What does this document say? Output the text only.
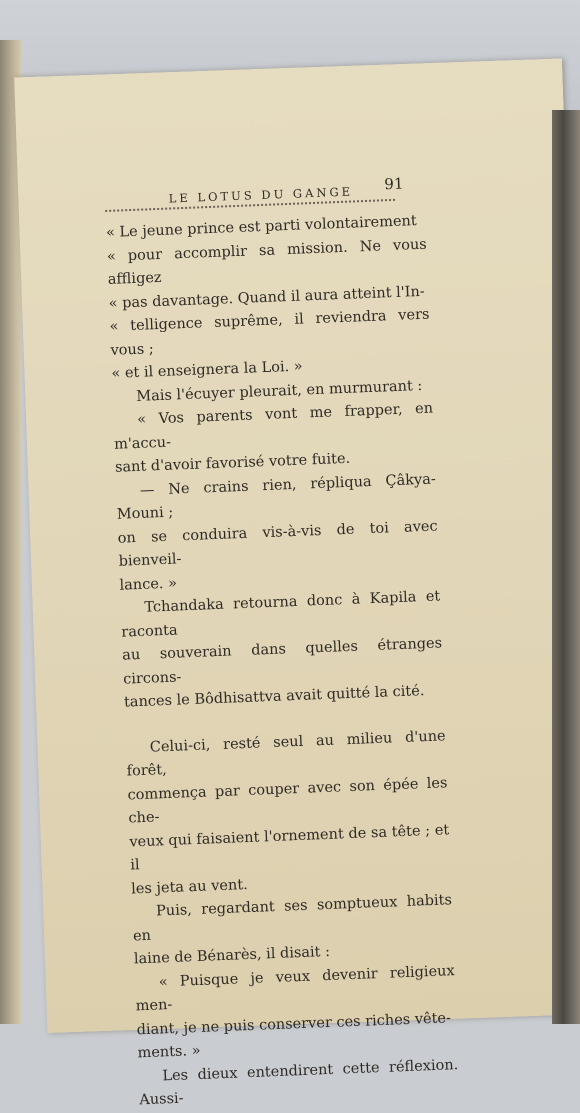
LE LOTUS DU GANGE
91
« Le jeune prince est parti volontairement
« pour accomplir sa mission. Ne vous affligez
« pas davantage. Quand il aura atteint l'In-
« telligence suprême, il reviendra vers vous ;
« et il enseignera la Loi. »
Mais l'écuyer pleurait, en murmurant :
« Vos parents vont me frapper, en m'accu-
sant d'avoir favorisé votre fuite.
— Ne crains rien, répliqua Çâkya-Mouni ;
on se conduira vis-à-vis de toi avec bienveil-
lance. »
Tchandaka retourna donc à Kapila et raconta
au souverain dans quelles étranges circons-
tances le Bôdhisattva avait quitté la cité.
Celui-ci, resté seul au milieu d'une forêt,
commença par couper avec son épée les che-
veux qui faisaient l'ornement de sa tête ; et il
les jeta au vent.
Puis, regardant ses somptueux habits en
laine de Bénarès, il disait :
« Puisque je veux devenir religieux men-
diant, je ne puis conserver ces riches vête-
ments. »
Les dieux entendirent cette réflexion. Aussi-
